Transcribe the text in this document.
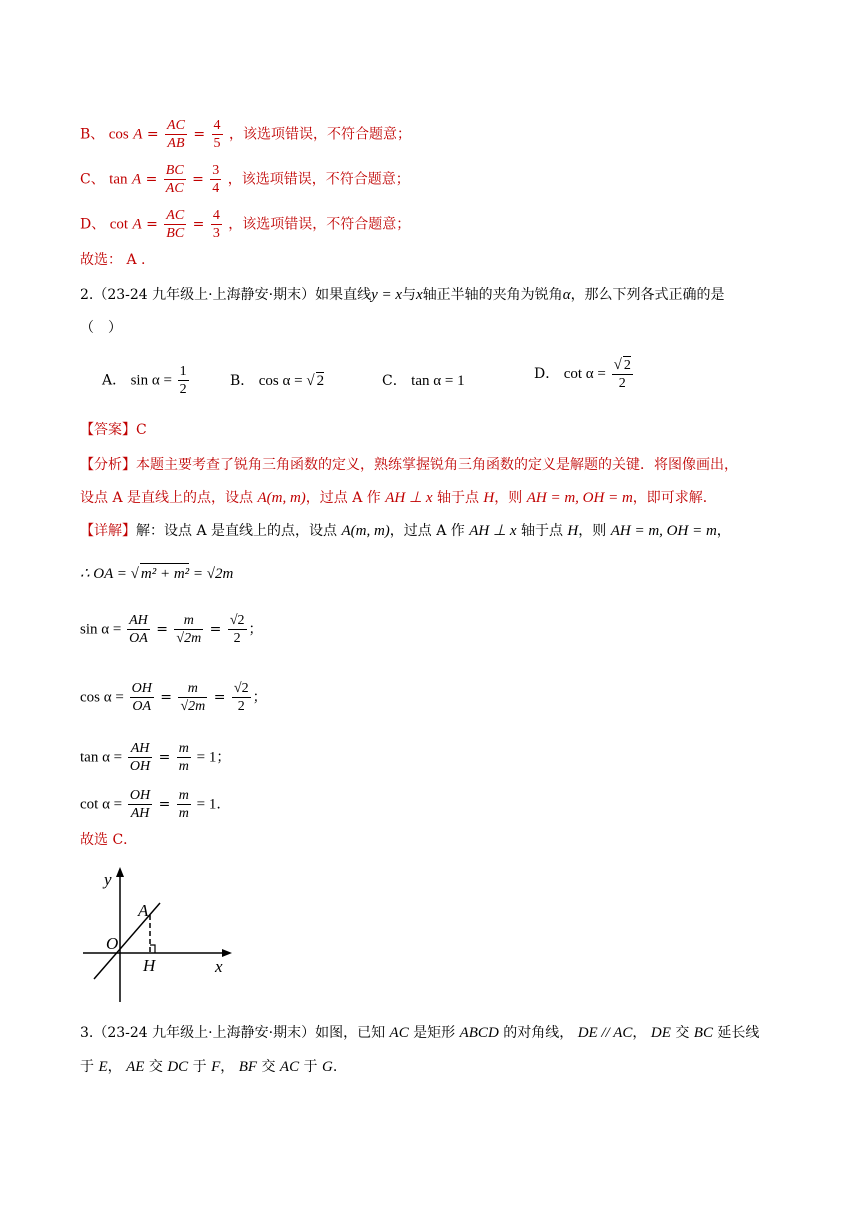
B、 $\cos A = \frac{AC}{AB} = \frac{4}{5}$ ，该选项错误，不符合题意；
C、 $\tan A = \frac{BC}{AC} = \frac{3}{4}$ ，该选项错误，不符合题意；
D、 $\cot A = \frac{AC}{BC} = \frac{4}{3}$ ，该选项错误，不符合题意；
故选： A .
2.（23-24 九年级上·上海静安·期末）如果直线y = x与x轴正半轴的夹角为锐角α，那么下列各式正确的是
（　）
A． $\sin \alpha = \frac{1}{2}$	B． cos α = √ 2	C． tan α = 1	D． $\cot \alpha = \frac{√ 2}{2}$
【答案】C
【分析】本题主要考查了锐角三角函数的定义，熟练掌握锐角三角函数的定义是解题的关键．将图像画出，
设点 A 是直线上的点，设点 A(m, m)，过点 A 作 AH ⊥ x 轴于点 H，则 AH = m, OH = m，即可求解．
【详解】解：设点 A 是直线上的点，设点 A(m, m)，过点 A 作 AH ⊥ x 轴于点 H，则 AH = m, OH = m，
∴ OA = √ m² + m² = √2m
$\sin \alpha = \frac{AH}{OA} = \frac{m}{√2m} = \frac{√2}{2}$ ；
$\cos \alpha = \frac{OH}{OA} = \frac{m}{√2m} = \frac{√2}{2}$ ；
$\tan \alpha = \frac{AH}{OH} = \frac{m}{m} = 1$；
$\cot \alpha = \frac{OH}{AH} = \frac{m}{m} = 1$.
故选 C．
y
x
O
A
H
3.（23-24 九年级上·上海静安·期末）如图，已知 AC 是矩形 ABCD 的对角线， DE // AC， DE 交 BC 延长线
于 E， AE 交 DC 于 F， BF 交 AC 于 G.
